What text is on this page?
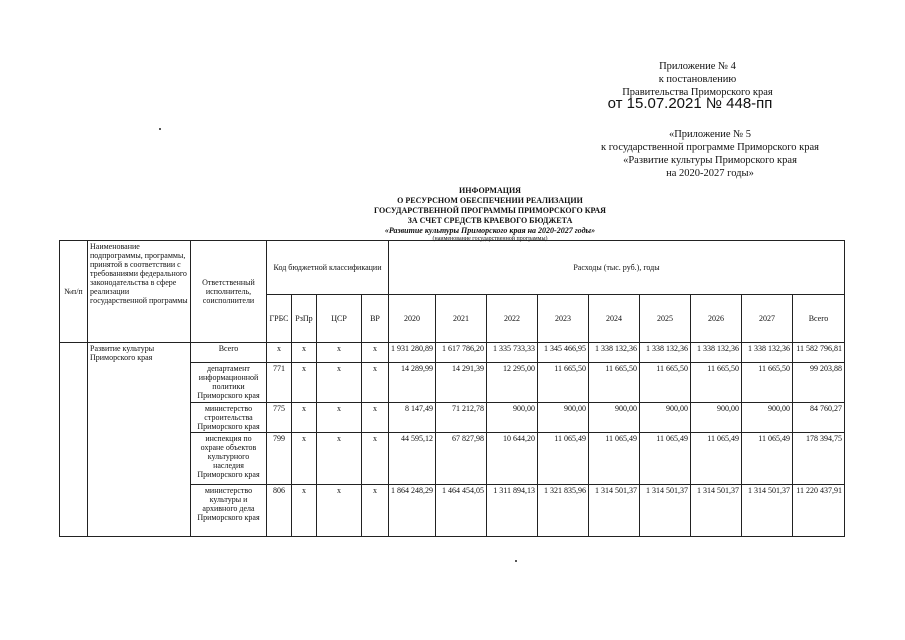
Приложение № 4
к постановлению
Правительства Приморского края
от 15.07.2021 № 448-пп
«Приложение № 5
к государственной программе Приморского края
«Развитие культуры Приморского края
на 2020-2027 годы»
ИНФОРМАЦИЯ
О РЕСУРСНОМ ОБЕСПЕЧЕНИИ РЕАЛИЗАЦИИ
ГОСУДАРСТВЕННОЙ ПРОГРАММЫ ПРИМОРСКОГО КРАЯ
ЗА СЧЕТ СРЕДСТВ КРАЕВОГО БЮДЖЕТА
«Развитие культуры Приморского края на 2020-2027 годы»
(наименование государственной программы)
№п/п	Наименование подпрограммы, программы, принятой в соответствии с требованиями федерального законодательства в сфере реализации государственной программы	Ответственный исполнитель, соисполнители	Код бюджетной классификации				Расходы (тыс. руб.), годы								
			ГРБС	РзПр	ЦСР	ВР	2020	2021	2022	2023	2024	2025	2026	2027	Всего
	Развитие культуры Приморского края	Всего	x	x	x	x	1 931 280,89	1 617 786,20	1 335 733,33	1 345 466,95	1 338 132,36	1 338 132,36	1 338 132,36	1 338 132,36	11 582 796,81
		департамент информационной политики Приморского края	771	x	x	x	14 289,99	14 291,39	12 295,00	11 665,50	11 665,50	11 665,50	11 665,50	11 665,50	99 203,88
		министерство строительства Приморского края	775	x	x	x	8 147,49	71 212,78	900,00	900,00	900,00	900,00	900,00	900,00	84 760,27
		инспекция по охране объектов культурного наследия Приморского края	799	x	x	x	44 595,12	67 827,98	10 644,20	11 065,49	11 065,49	11 065,49	11 065,49	11 065,49	178 394,75
		министерство культуры и архивного дела Приморского края	806	x	x	x	1 864 248,29	1 464 454,05	1 311 894,13	1 321 835,96	1 314 501,37	1 314 501,37	1 314 501,37	1 314 501,37	11 220 437,91
